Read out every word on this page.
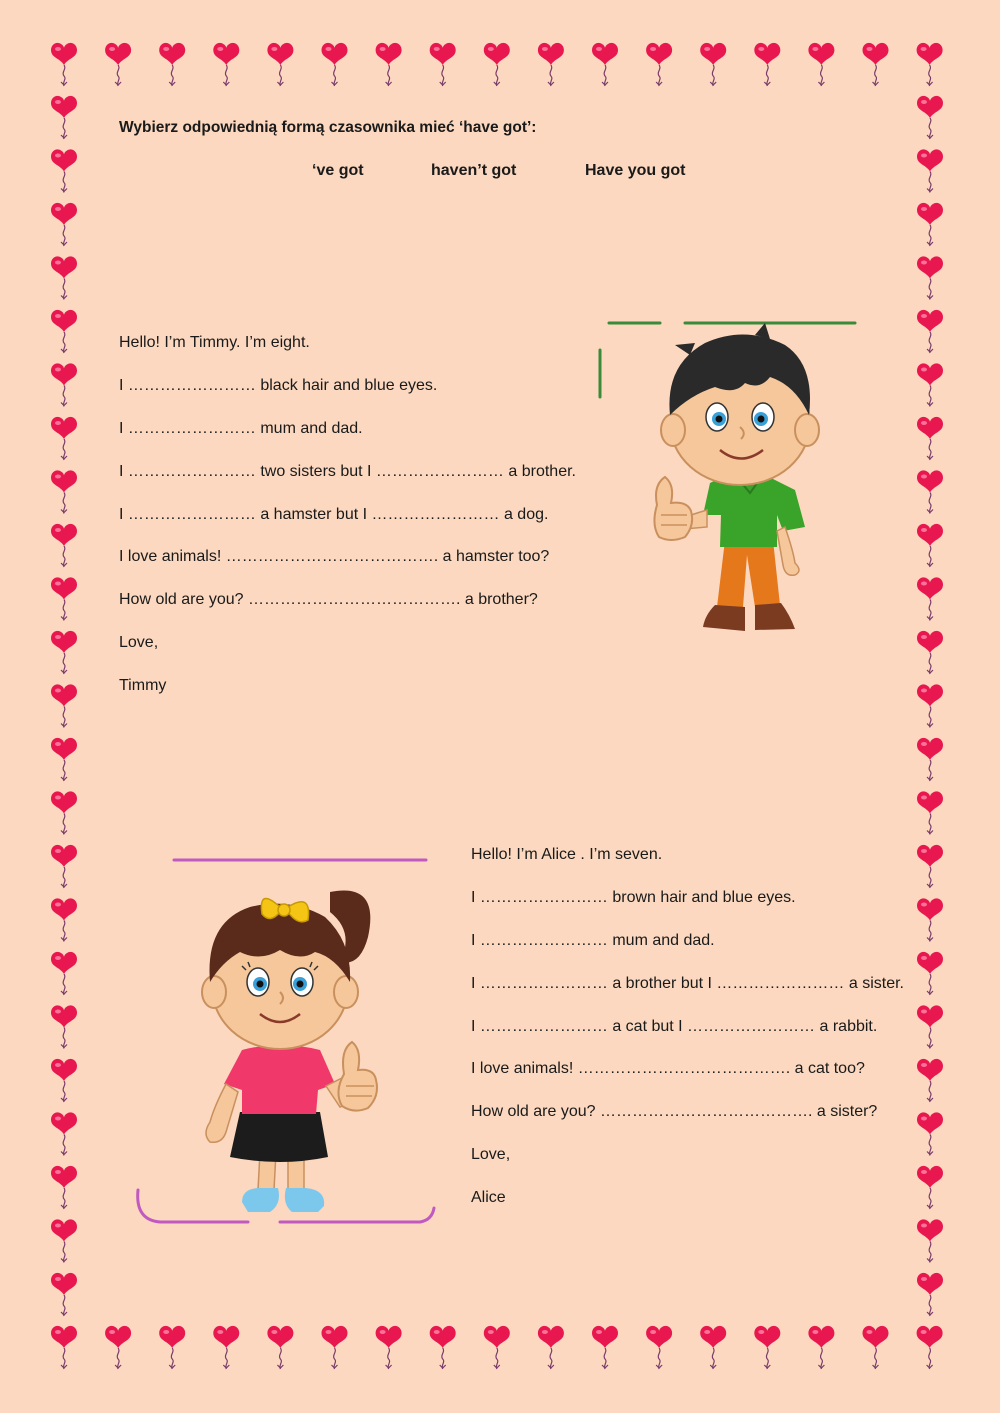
Wybierz odpowiednią formą czasownika mieć ‘have got’:
‘ve got	haven’t got	Have you got
Hello! I’m Timmy. I’m eight.
I …………………… black hair and blue eyes.
I …………………… mum and dad.
I …………………… two sisters but I …………………… a brother.
I …………………… a hamster but I …………………… a dog.
I love animals! …………………………………. a hamster too?
How old are you? …………………………………. a brother?
Love,
Timmy
Hello! I’m Alice . I’m seven.
I …………………… brown hair and blue eyes.
I …………………… mum and dad.
I …………………… a brother but I …………………… a sister.
I …………………… a cat but I …………………… a rabbit.
I love animals! …………………………………. a cat too?
How old are you? …………………………………. a sister?
Love,
Alice
